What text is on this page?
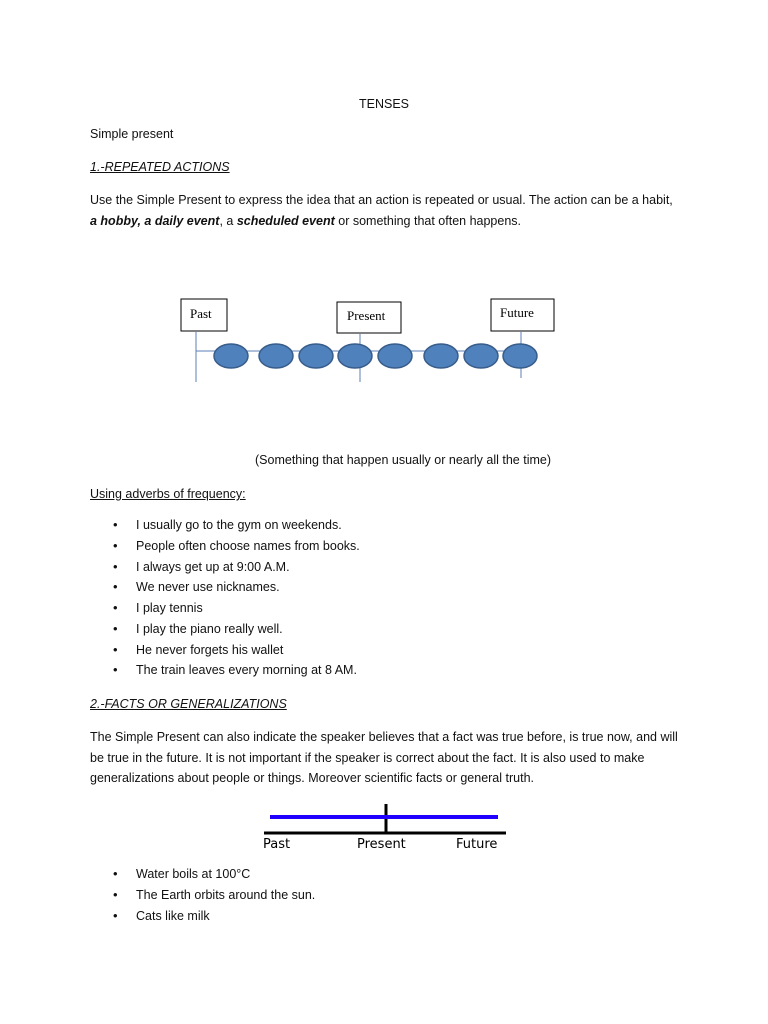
TENSES
Simple present
1.-REPEATED ACTIONS
Use the Simple Present to express the idea that an action is repeated or usual. The action can be a habit,
a hobby, a daily event, a scheduled event or something that often happens.
Past	Present	Future
(Something that happen usually or nearly all the time)
Using adverbs of frequency:
• I usually go to the gym on weekends.
• People often choose names from books.
• I always get up at 9:00 A.M.
• We never use nicknames.
• I play tennis
• I play the piano really well.
• He never forgets his wallet
• The train leaves every morning at 8 AM.
2.-FACTS OR GENERALIZATIONS
The Simple Present can also indicate the speaker believes that a fact was true before, is true now, and will be true in the future. It is not important if the speaker is correct about the fact. It is also used to make generalizations about people or things. Moreover scientific facts or general truth.
Past	Present	Future
• Water boils at 100°C
• The Earth orbits around the sun.
• Cats like milk
